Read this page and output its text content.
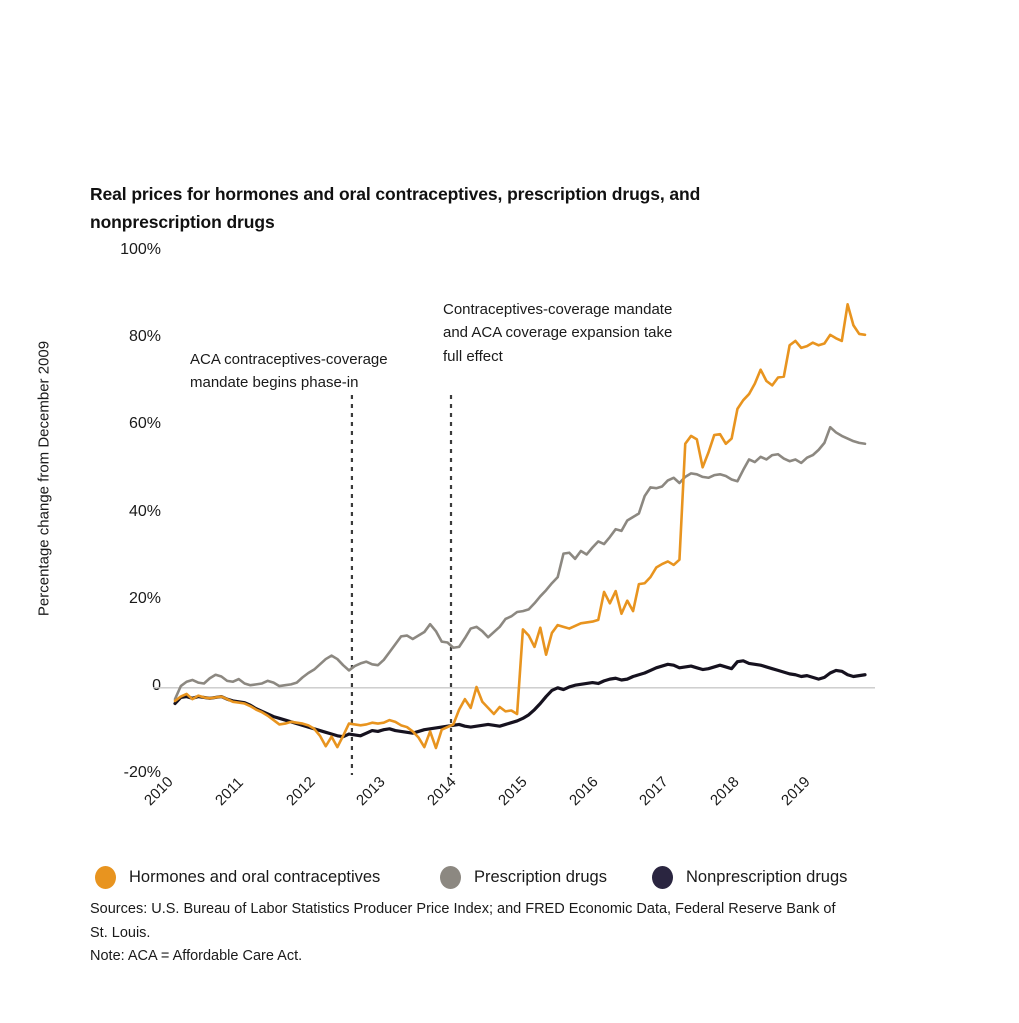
Real prices for hormones and oral contraceptives, prescription drugs, and nonprescription drugs
Percentage change from December 2009
-20%
0
20%
40%
60%
80%
100%
2010 2011 2012 2013 2014 2015 2016 2017 2018 2019
ACA contraceptives-coverage
mandate begins phase-in
Contraceptives-coverage mandate
and ACA coverage expansion take
full effect
Hormones and oral contraceptives	Prescription drugs	Nonprescription drugs
Sources: U.S. Bureau of Labor Statistics Producer Price Index; and FRED Economic Data, Federal Reserve Bank of
St. Louis.
Note: ACA = Affordable Care Act.
